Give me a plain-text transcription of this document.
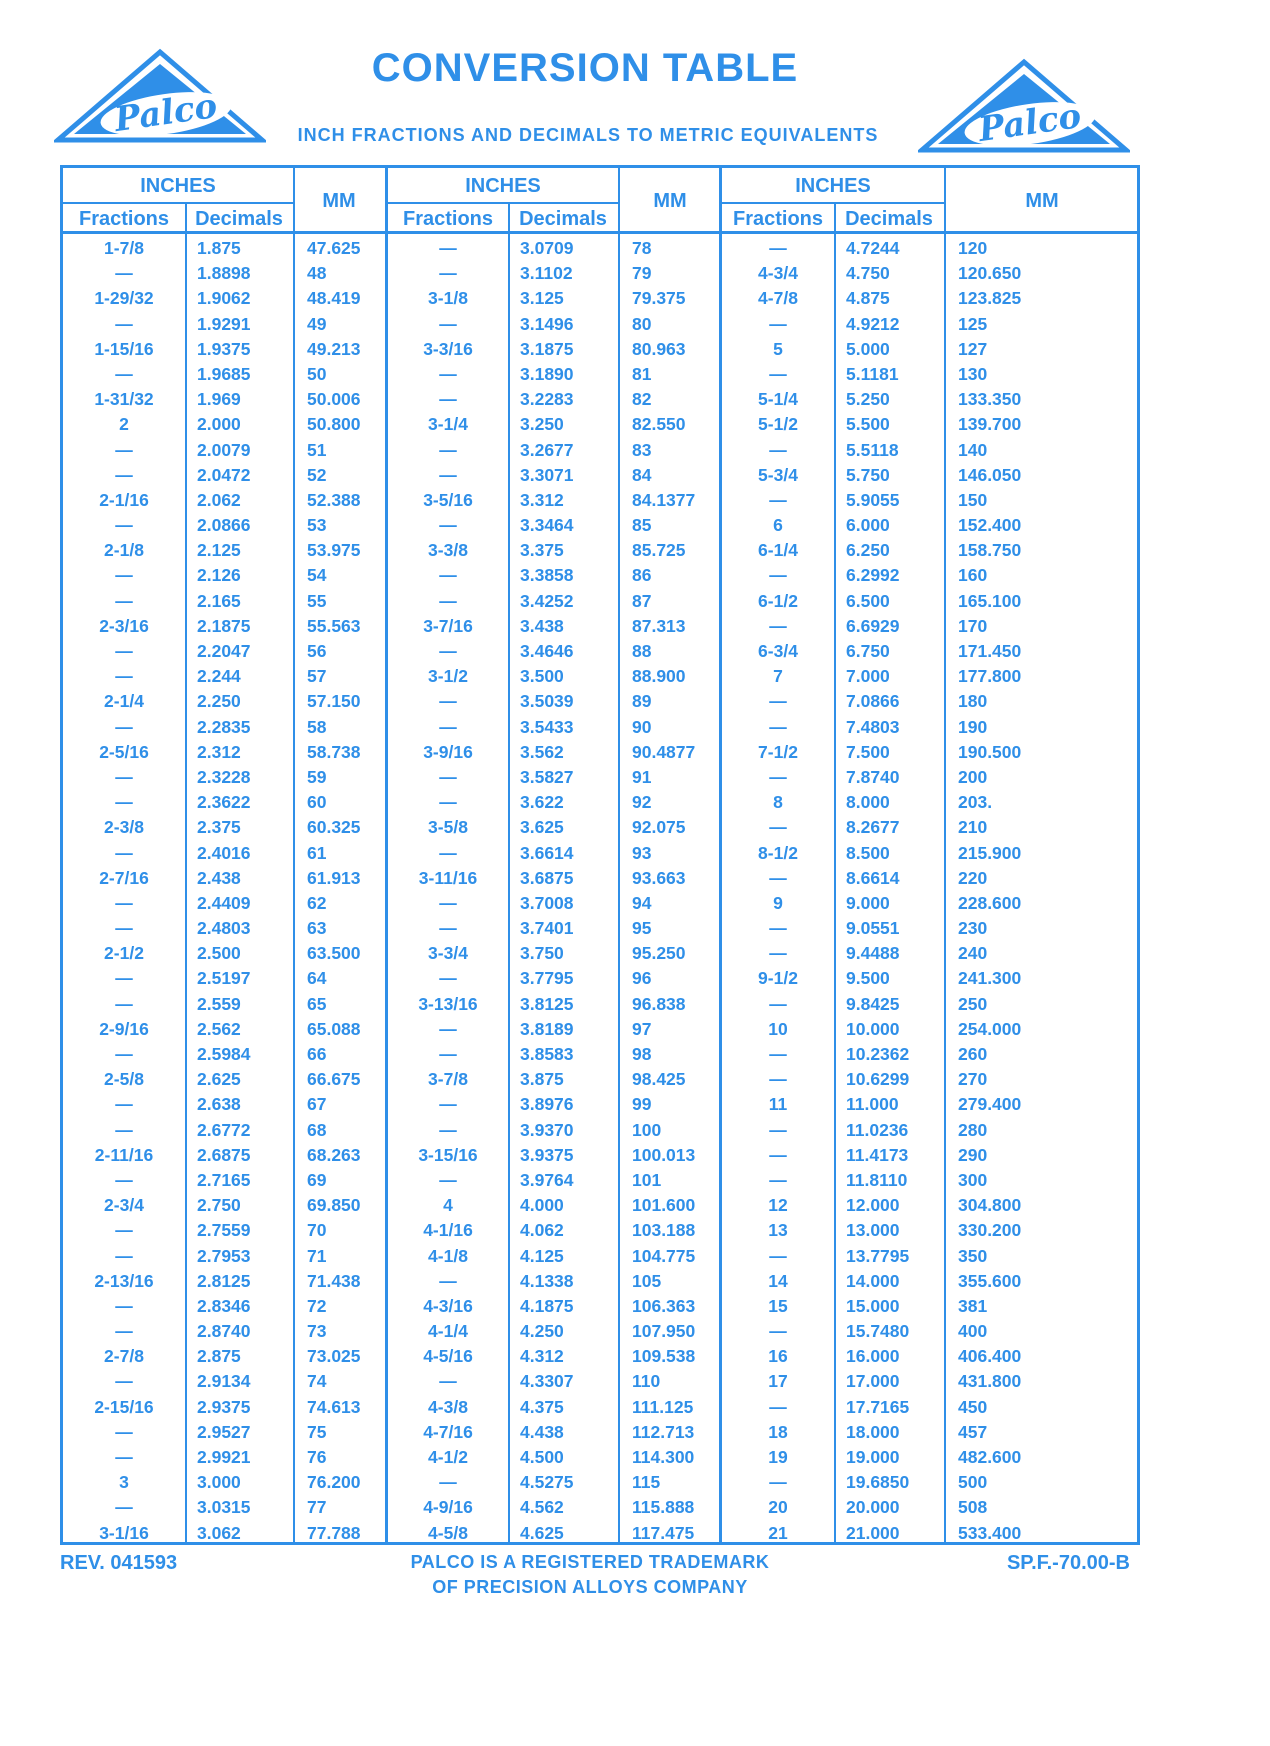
Palco	Palco
CONVERSION TABLE
INCH FRACTIONS AND DECIMALS TO METRIC EQUIVALENTS
INCHES
Fractions	Decimals
MM
1-7/8	1.875	47.625
—	1.8898	48
1-29/32	1.9062	48.419
—	1.9291	49
1-15/16	1.9375	49.213
—	1.9685	50
1-31/32	1.969	50.006
2	2.000	50.800
—	2.0079	51
—	2.0472	52
2-1/16	2.062	52.388
—	2.0866	53
2-1/8	2.125	53.975
—	2.126	54
—	2.165	55
2-3/16	2.1875	55.563
—	2.2047	56
—	2.244	57
2-1/4	2.250	57.150
—	2.2835	58
2-5/16	2.312	58.738
—	2.3228	59
—	2.3622	60
2-3/8	2.375	60.325
—	2.4016	61
2-7/16	2.438	61.913
—	2.4409	62
—	2.4803	63
2-1/2	2.500	63.500
—	2.5197	64
—	2.559	65
2-9/16	2.562	65.088
—	2.5984	66
2-5/8	2.625	66.675
—	2.638	67
—	2.6772	68
2-11/16	2.6875	68.263
—	2.7165	69
2-3/4	2.750	69.850
—	2.7559	70
—	2.7953	71
2-13/16	2.8125	71.438
—	2.8346	72
—	2.8740	73
2-7/8	2.875	73.025
—	2.9134	74
2-15/16	2.9375	74.613
—	2.9527	75
—	2.9921	76
3	3.000	76.200
—	3.0315	77
3-1/16	3.062	77.788
INCHES
Fractions	Decimals
MM
—	3.0709	78
—	3.1102	79
3-1/8	3.125	79.375
—	3.1496	80
3-3/16	3.1875	80.963
—	3.1890	81
—	3.2283	82
3-1/4	3.250	82.550
—	3.2677	83
—	3.3071	84
3-5/16	3.312	84.1377
—	3.3464	85
3-3/8	3.375	85.725
—	3.3858	86
—	3.4252	87
3-7/16	3.438	87.313
—	3.4646	88
3-1/2	3.500	88.900
—	3.5039	89
—	3.5433	90
3-9/16	3.562	90.4877
—	3.5827	91
—	3.622	92
3-5/8	3.625	92.075
—	3.6614	93
3-11/16	3.6875	93.663
—	3.7008	94
—	3.7401	95
3-3/4	3.750	95.250
—	3.7795	96
3-13/16	3.8125	96.838
—	3.8189	97
—	3.8583	98
3-7/8	3.875	98.425
—	3.8976	99
—	3.9370	100
3-15/16	3.9375	100.013
—	3.9764	101
4	4.000	101.600
4-1/16	4.062	103.188
4-1/8	4.125	104.775
—	4.1338	105
4-3/16	4.1875	106.363
4-1/4	4.250	107.950
4-5/16	4.312	109.538
—	4.3307	110
4-3/8	4.375	111.125
4-7/16	4.438	112.713
4-1/2	4.500	114.300
—	4.5275	115
4-9/16	4.562	115.888
4-5/8	4.625	117.475
INCHES
Fractions	Decimals
MM
—	4.7244	120
4-3/4	4.750	120.650
4-7/8	4.875	123.825
—	4.9212	125
5	5.000	127
—	5.1181	130
5-1/4	5.250	133.350
5-1/2	5.500	139.700
—	5.5118	140
5-3/4	5.750	146.050
—	5.9055	150
6	6.000	152.400
6-1/4	6.250	158.750
—	6.2992	160
6-1/2	6.500	165.100
—	6.6929	170
6-3/4	6.750	171.450
7	7.000	177.800
—	7.0866	180
—	7.4803	190
7-1/2	7.500	190.500
—	7.8740	200
8	8.000	203.
—	8.2677	210
8-1/2	8.500	215.900
—	8.6614	220
9	9.000	228.600
—	9.0551	230
—	9.4488	240
9-1/2	9.500	241.300
—	9.8425	250
10	10.000	254.000
—	10.2362	260
—	10.6299	270
11	11.000	279.400
—	11.0236	280
—	11.4173	290
—	11.8110	300
12	12.000	304.800
13	13.000	330.200
—	13.7795	350
14	14.000	355.600
15	15.000	381
—	15.7480	400
16	16.000	406.400
17	17.000	431.800
—	17.7165	450
18	18.000	457
19	19.000	482.600
—	19.6850	500
20	20.000	508
21	21.000	533.400
REV. 041593	PALCO IS A REGISTERED TRADEMARK
OF PRECISION ALLOYS COMPANY
SP.F.-70.00-B
